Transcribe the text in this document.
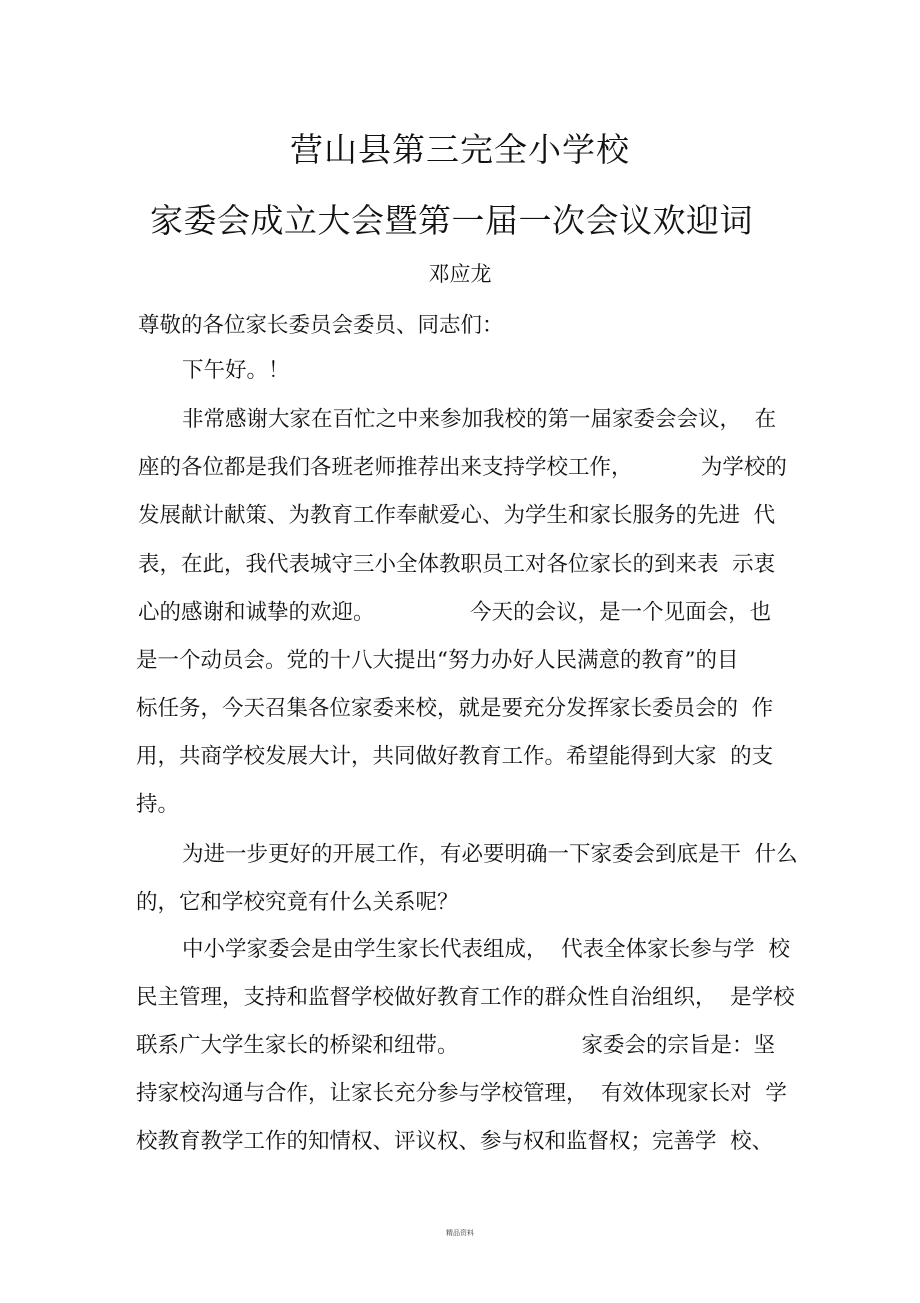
营山县第三完全小学校
家委会成立大会暨第一届一次会议欢迎词
邓应龙
尊敬的各位家长委员会委员、同志们：
下午好。！
非常感谢大家在百忙之中来参加我校的第一届家委会会议，  在
座的各位都是我们各班老师推荐出来支持学校工作，          为学校的
发展献计献策、为教育工作奉献爱心、为学生和家长服务的先进  代
表，在此，我代表城守三小全体教职员工对各位家长的到来表  示衷
心的感谢和诚挚的欢迎。              今天的会议，是一个见面会，也
是一个动员会。党的十八大提出“努力办好人民满意的教育”的目
标任务，今天召集各位家委来校，就是要充分发挥家长委员会的  作
用，共商学校发展大计，共同做好教育工作。希望能得到大家  的支
持。
为进一步更好的开展工作，有必要明确一下家委会到底是干  什么
的，它和学校究竟有什么关系呢？
中小学家委会是由学生家长代表组成，  代表全体家长参与学  校
民主管理，支持和监督学校做好教育工作的群众性自治组织，  是学校
联系广大学生家长的桥梁和纽带。                  家委会的宗旨是：坚
持家校沟通与合作，让家长充分参与学校管理，  有效体现家长对  学
校教育教学工作的知情权、评议权、参与权和监督权；完善学  校、
精品资料
